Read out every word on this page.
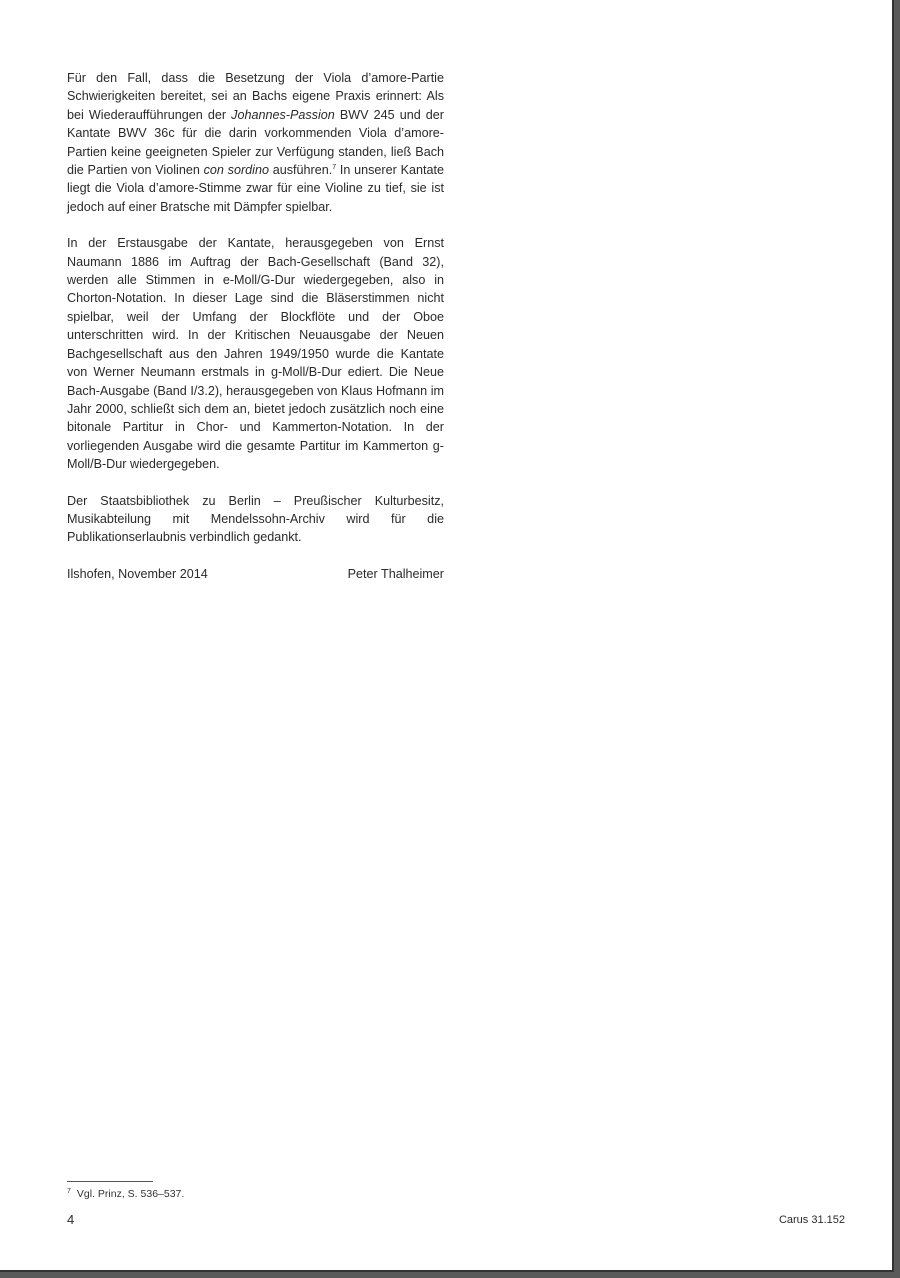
Für den Fall, dass die Besetzung der Viola d’amore-Partie Schwierigkeiten bereitet, sei an Bachs eigene Praxis erinnert: Als bei Wiederaufführungen der Johannes-Passion BWV 245 und der Kantate BWV 36c für die darin vorkommenden Viola d’amore-Partien keine geeigneten Spieler zur Verfügung standen, ließ Bach die Partien von Violinen con sordino ausführen.$^7$ In unserer Kantate liegt die Viola d’amore-Stimme zwar für eine Violine zu tief, sie ist jedoch auf einer Bratsche mit Dämpfer spielbar.

In der Erstausgabe der Kantate, herausgegeben von Ernst Naumann 1886 im Auftrag der Bach-Gesellschaft (Band 32), werden alle Stimmen in e-Moll/G-Dur wiedergegeben, also in Chorton-Notation. In dieser Lage sind die Bläserstimmen nicht spielbar, weil der Umfang der Blockflöte und der Oboe unterschritten wird. In der Kritischen Neuausgabe der Neuen Bachgesellschaft aus den Jahren 1949/1950 wurde die Kantate von Werner Neumann erstmals in g-Moll/B-Dur ediert. Die Neue Bach-Ausgabe (Band I/3.2), herausgegeben von Klaus Hofmann im Jahr 2000, schließt sich dem an, bietet jedoch zusätzlich noch eine bitonale Partitur in Chor- und Kammerton-Notation. In der vorliegenden Ausgabe wird die gesamte Partitur im Kammerton g-Moll/B-Dur wiedergegeben.

Der Staatsbibliothek zu Berlin – Preußischer Kulturbesitz, Musikabteilung mit Mendelssohn-Archiv wird für die Publikationserlaubnis verbindlich gedankt.

Ilshofen, November 2014	Peter Thalheimer
$^7$ Vgl. Prinz, S. 536–537.
4	Carus 31.152
